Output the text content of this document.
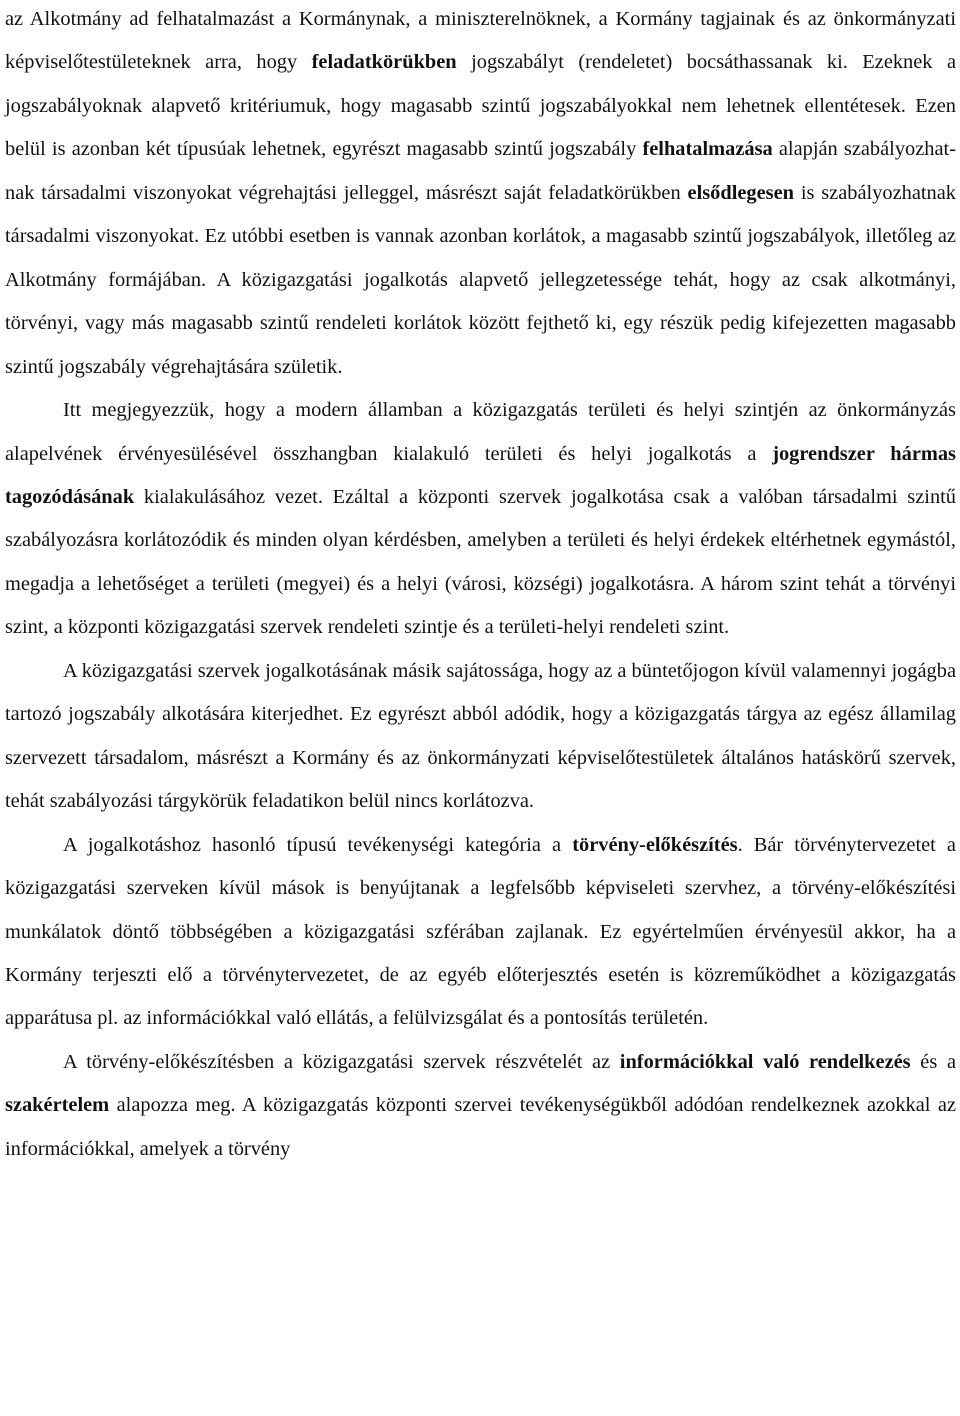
az Alkotmány ad felhatalmazást a Kormánynak, a miniszterelnöknek, a Kormány tagjainak és az önkormányzati képviselőtestületeknek arra, hogy feladatkörükben jogszabályt (rendeletet) bocsáthassanak ki. Ezeknek a jogszabályoknak alapvető kritériumuk, hogy magasabb szintű jogszabályokkal nem lehetnek ellentétesek. Ezen belül is azonban két típusúak lehetnek, egyrészt magasabb szintű jogszabály felhatalmazása alapján szabályozhatnak társadalmi viszonyokat végrehajtási jelleggel, másrészt saját feladatkörükben elsődlegesen is szabályozhatnak társadalmi viszonyokat. Ez utóbbi esetben is vannak azonban korlátok, a magasabb szintű jogszabályok, illetőleg az Alkotmány formájában. A közigazgatási jogalkotás alapvető jellegzetessége tehát, hogy az csak alkotmányi, törvényi, vagy más magasabb szintű rendeleti korlátok között fejthető ki, egy részük pedig kifejezetten magasabb szintű jogszabály végrehajtására születik.

Itt megjegyezzük, hogy a modern államban a közigazgatás területi és helyi szintjén az önkormányzás alapelvének érvényesülésével összhangban kialakuló területi és helyi jogalkotás a jogrendszer hármas tagozódásának kialakulásához vezet. Ezáltal a központi szervek jogalkotása csak a valóban társadalmi szintű szabályozásra korlátozódik és minden olyan kérdésben, amelyben a területi és helyi érdekek eltérhetnek egymástól, megadja a lehetőséget a területi (megyei) és a helyi (városi, községi) jogalkotásra. A három szint tehát a törvényi szint, a központi közigazgatási szervek rendeleti szintje és a területi-helyi rendeleti szint.

A közigazgatási szervek jogalkotásának másik sajátossága, hogy az a büntetőjogon kívül valamennyi jogágba tartozó jogszabály alkotására kiterjedhet. Ez egyrészt abból adódik, hogy a közigazgatás tárgya az egész államilag szervezett társadalom, másrészt a Kormány és az önkormányzati képviselőtestületek általános hatáskörű szervek, tehát szabályozási tárgykörük feladatikon belül nincs korlátozva.

A jogalkotáshoz hasonló típusú tevékenységi kategória a törvény-előkészítés. Bár törvénytervezetet a közigazgatási szerveken kívül mások is benyújtanak a legfelsőbb képviseleti szervhez, a törvény-előkészítési munkálatok döntő többségében a közigazgatási szférában zajlanak. Ez egyértelműen érvényesül akkor, ha a Kormány terjeszti elő a törvénytervezetet, de az egyéb előterjesztés esetén is közreműködhet a közigazgatás apparátusa pl. az információkkal való ellátás, a felülvizsgálat és a pontosítás területén.

A törvény-előkészítésben a közigazgatási szervek részvételét az információkkal való rendelkezés és a szakértelem alapozza meg. A közigazgatás központi szervei tevékenységükből adódóan rendelkeznek azokkal az információkkal, amelyek a törvény
